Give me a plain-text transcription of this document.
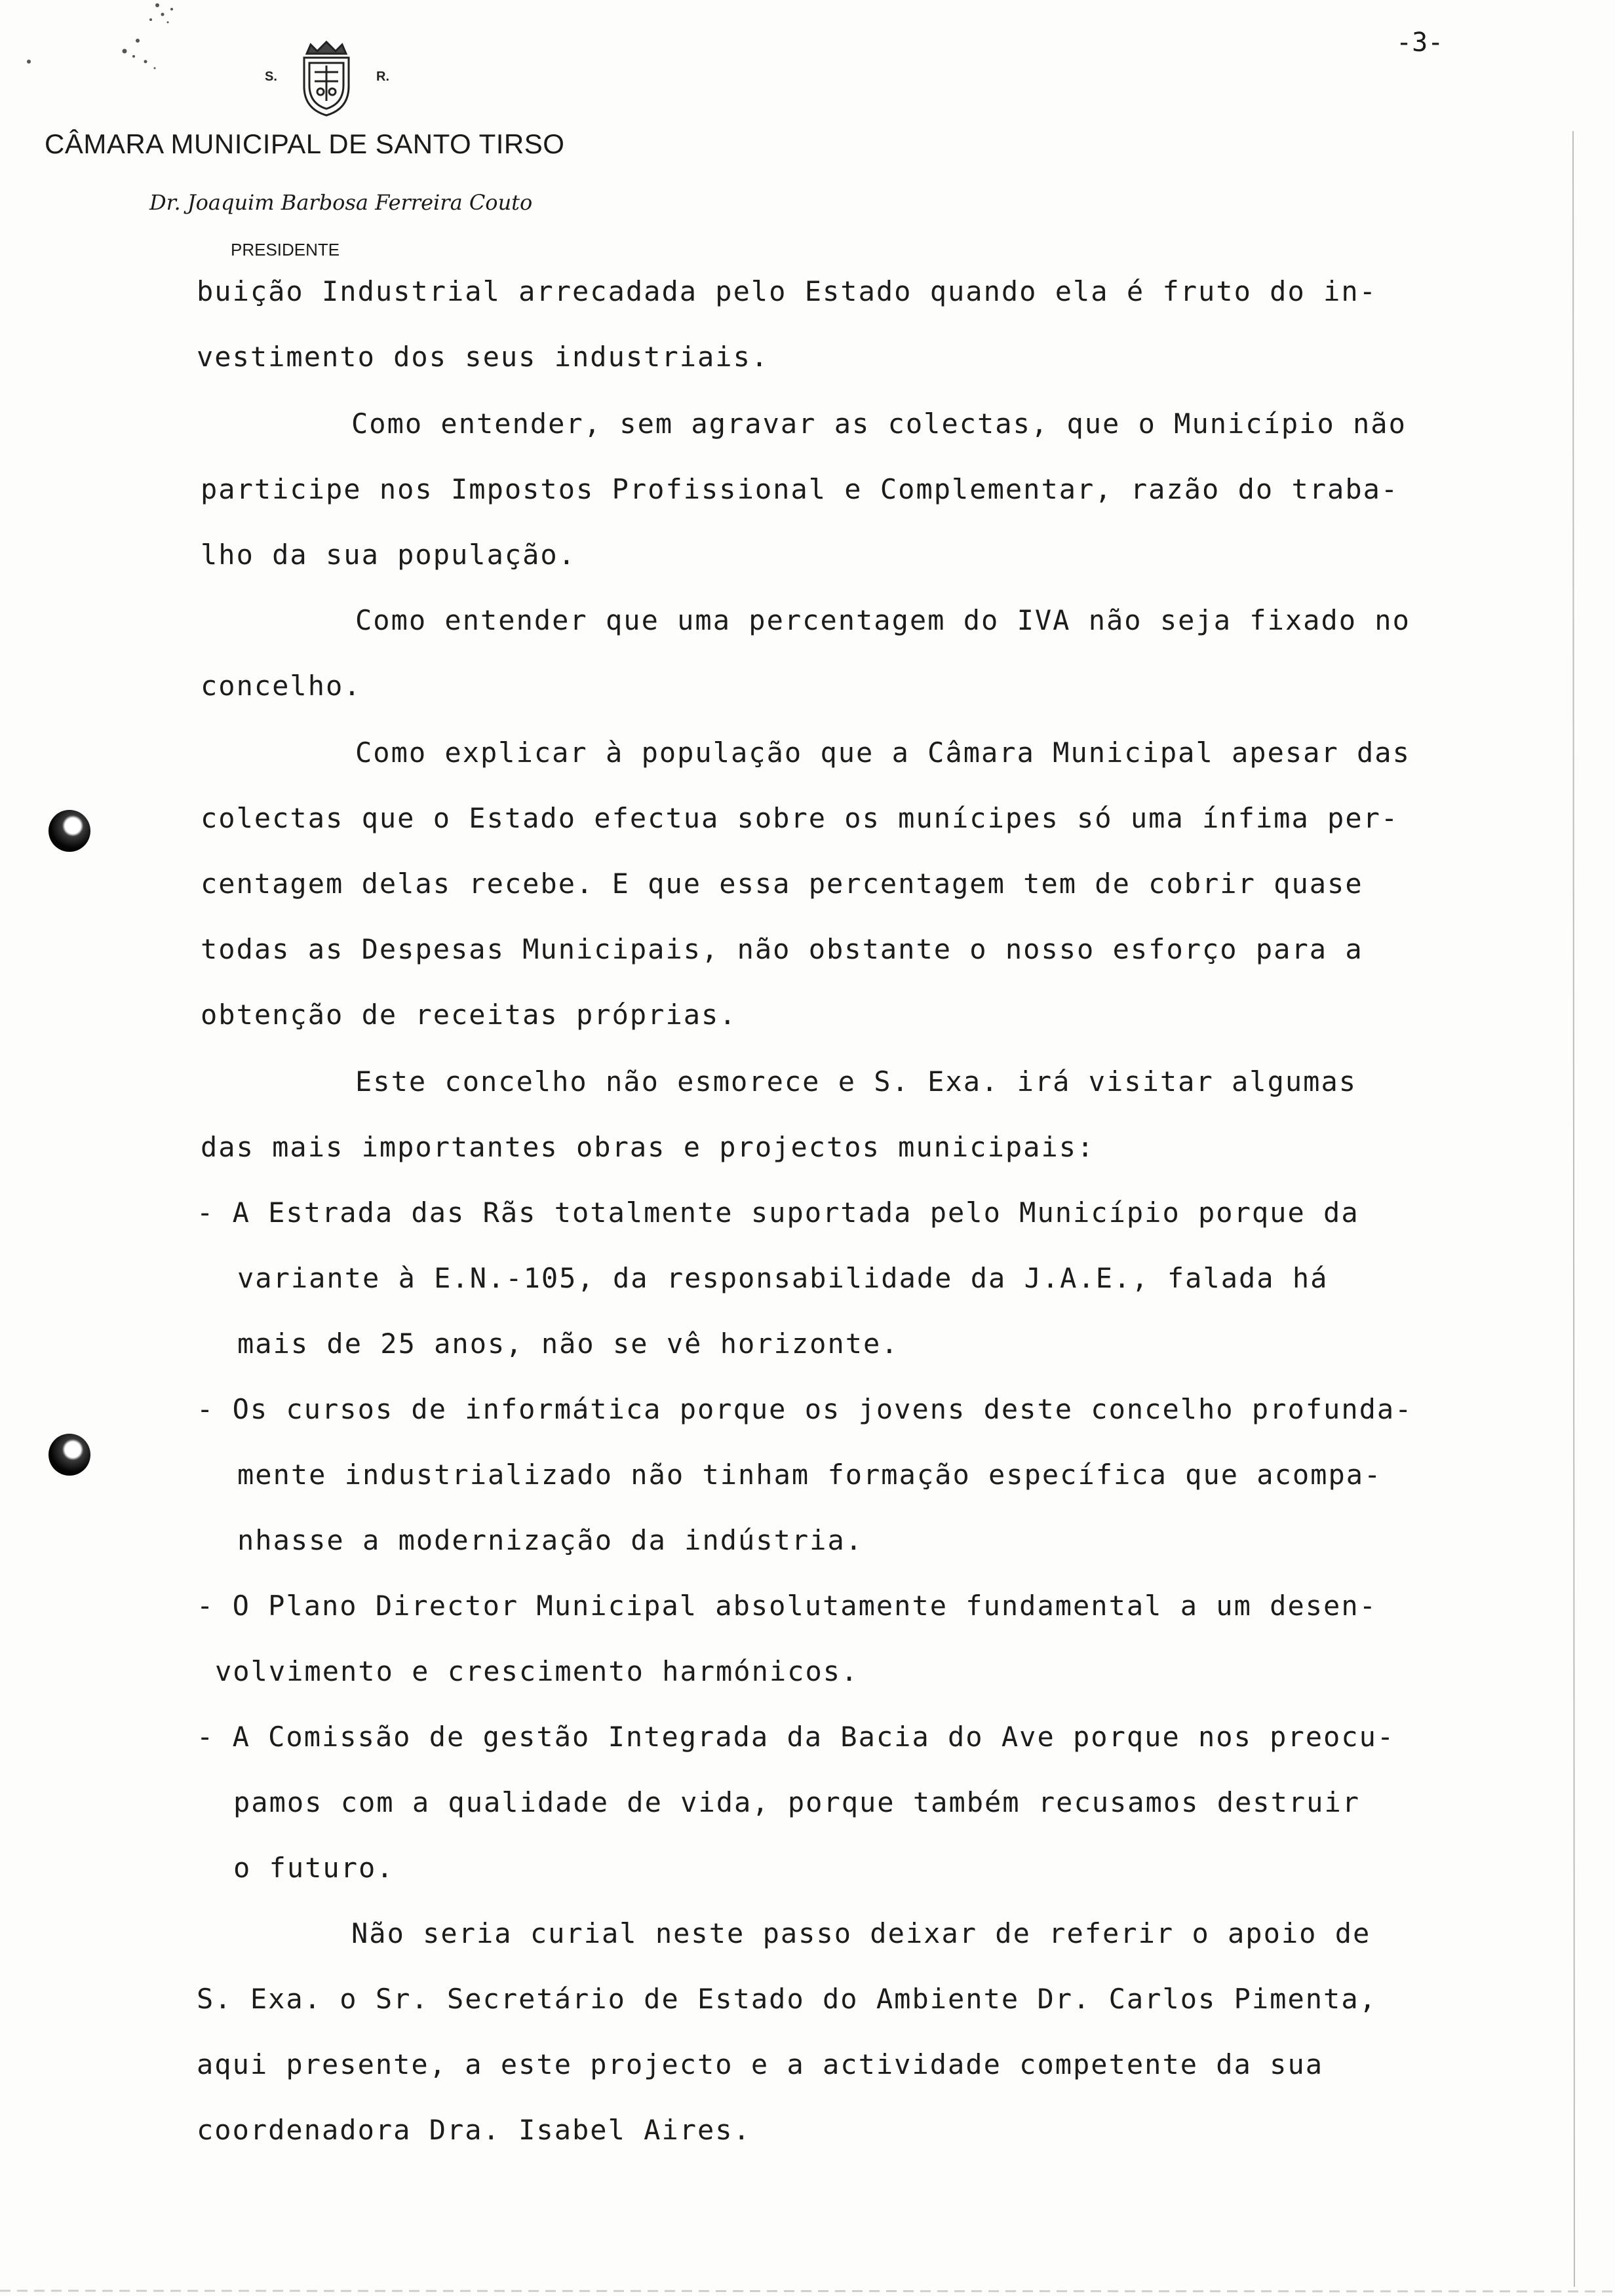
S.	R.
CÂMARA MUNICIPAL DE SANTO TIRSO
Dr. Joaquim Barbosa Ferreira Couto
PRESIDENTE
-3-
buição Industrial arrecadada pelo Estado quando ela é fruto do in-
vestimento dos seus industriais.
Como entender, sem agravar as colectas, que o Município não
participe nos Impostos Profissional e Complementar, razão do traba-
lho da sua população.
Como entender que uma percentagem do IVA não seja fixado no
concelho.
Como explicar à população que a Câmara Municipal apesar das
colectas que o Estado efectua sobre os munícipes só uma ínfima per-
centagem delas recebe. E que essa percentagem tem de cobrir quase
todas as Despesas Municipais, não obstante o nosso esforço para a
obtenção de receitas próprias.
Este concelho não esmorece e S. Exa. irá visitar algumas
das mais importantes obras e projectos municipais:
- A Estrada das Rãs totalmente suportada pelo Município porque da
variante à E.N.-105, da responsabilidade da J.A.E., falada há
mais de 25 anos, não se vê horizonte.
- Os cursos de informática porque os jovens deste concelho profunda-
mente industrializado não tinham formação específica que acompa-
nhasse a modernização da indústria.
- O Plano Director Municipal absolutamente fundamental a um desen-
volvimento e crescimento harmónicos.
- A Comissão de gestão Integrada da Bacia do Ave porque nos preocu-
pamos com a qualidade de vida, porque também recusamos destruir
o futuro.
Não seria curial neste passo deixar de referir o apoio de
S. Exa. o Sr. Secretário de Estado do Ambiente Dr. Carlos Pimenta,
aqui presente, a este projecto e a actividade competente da sua
coordenadora Dra. Isabel Aires.
